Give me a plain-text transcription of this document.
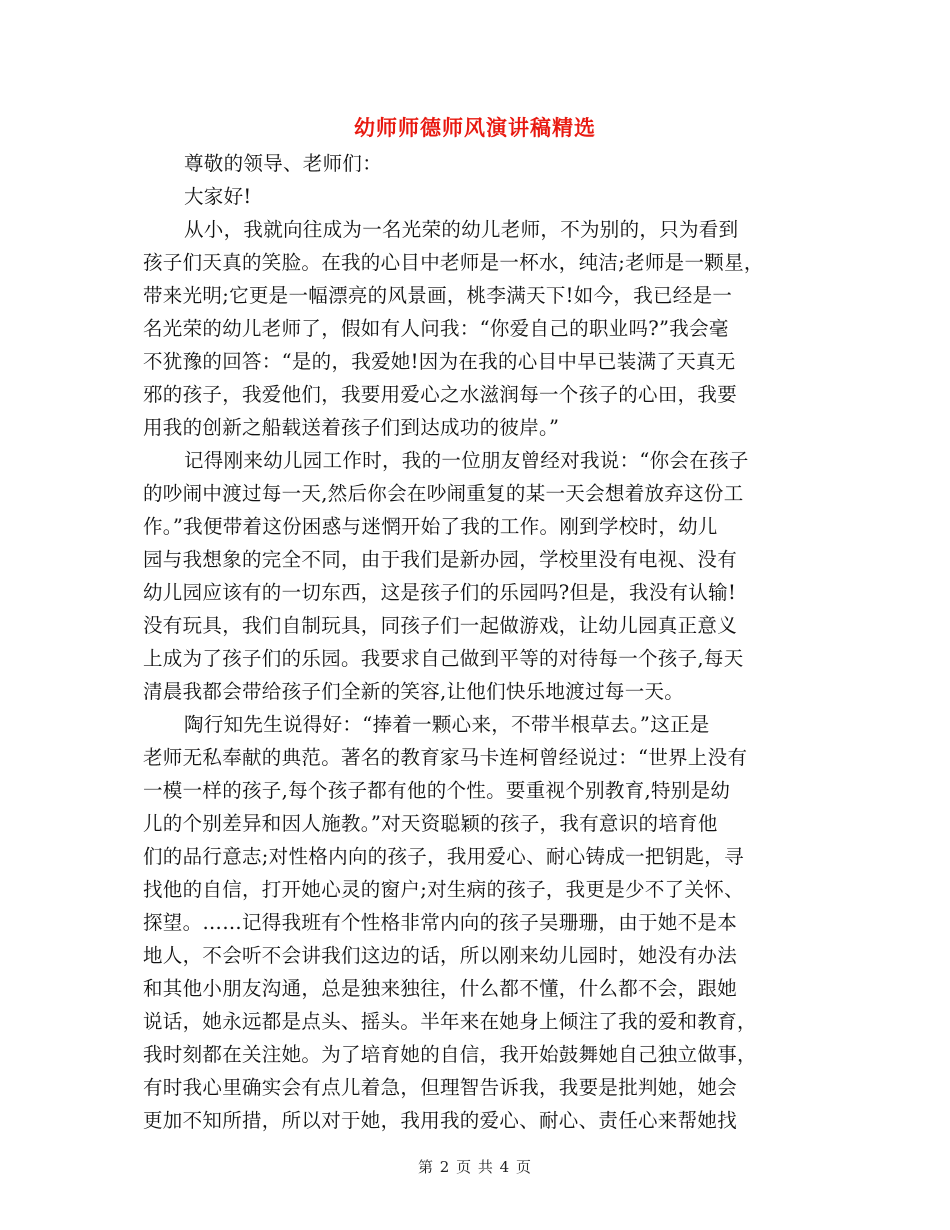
幼师师德师风演讲稿精选
尊敬的领导、老师们：
大家好!
从小，我就向往成为一名光荣的幼儿老师，不为别的，只为看到
孩子们天真的笑脸。在我的心目中老师是一杯水，纯洁;老师是一颗星，
带来光明;它更是一幅漂亮的风景画，桃李满天下!如今，我已经是一
名光荣的幼儿老师了，假如有人问我：“你爱自己的职业吗?”我会毫
不犹豫的回答：“是的，我爱她!因为在我的心目中早已装满了天真无
邪的孩子，我爱他们，我要用爱心之水滋润每一个孩子的心田，我要
用我的创新之船载送着孩子们到达成功的彼岸。”
记得刚来幼儿园工作时，我的一位朋友曾经对我说：“你会在孩子
的吵闹中渡过每一天,然后你会在吵闹重复的某一天会想着放弃这份工
作。”我便带着这份困惑与迷惘开始了我的工作。刚到学校时，幼儿
园与我想象的完全不同，由于我们是新办园，学校里没有电视、没有
幼儿园应该有的一切东西，这是孩子们的乐园吗?但是，我没有认输!
没有玩具，我们自制玩具，同孩子们一起做游戏，让幼儿园真正意义
上成为了孩子们的乐园。我要求自己做到平等的对待每一个孩子,每天
清晨我都会带给孩子们全新的笑容,让他们快乐地渡过每一天。
陶行知先生说得好：“捧着一颗心来，不带半根草去。”这正是
老师无私奉献的典范。著名的教育家马卡连柯曾经说过：“世界上没有
一模一样的孩子,每个孩子都有他的个性。要重视个别教育,特别是幼
儿的个别差异和因人施教。”对天资聪颖的孩子，我有意识的培育他
们的品行意志;对性格内向的孩子，我用爱心、耐心铸成一把钥匙，寻
找他的自信，打开她心灵的窗户;对生病的孩子，我更是少不了关怀、
探望。……记得我班有个性格非常内向的孩子吴珊珊，由于她不是本
地人，不会听不会讲我们这边的话，所以刚来幼儿园时，她没有办法
和其他小朋友沟通，总是独来独往，什么都不懂，什么都不会，跟她
说话，她永远都是点头、摇头。半年来在她身上倾注了我的爱和教育，
我时刻都在关注她。为了培育她的自信，我开始鼓舞她自己独立做事，
有时我心里确实会有点儿着急，但理智告诉我，我要是批判她，她会
更加不知所措，所以对于她，我用我的爱心、耐心、责任心来帮她找
第 2 页 共 4 页
